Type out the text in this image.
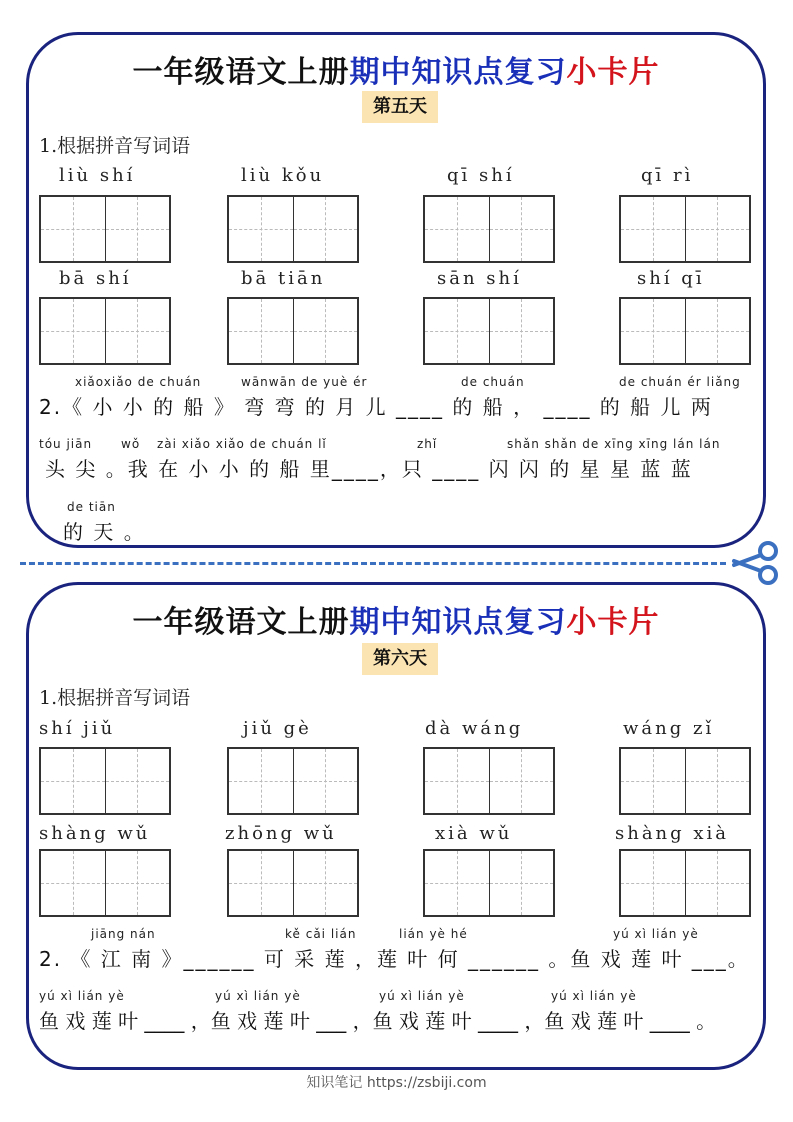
一年级语文上册期中知识点复习小卡片
第五天
1.根据拼音写词语
liù shí	liù kǒu	qī shí	qī rì
bā shí	bā tiān	sān shí	shí qī
xiǎoxiǎo de chuán	wānwān de yuè ér	de chuán	de chuán ér liǎng
2.《 小 小 的 船 》 弯 弯 的 月 儿 ____ 的 船 ， ____ 的 船 儿 两
tóu jiān wǒ zài xiǎo xiǎo de chuán lǐ	zhǐ	shǎn shǎn de xīng xīng lán lán
头 尖 。我 在 小 小 的 船 里____，只 ____ 闪 闪 的 星 星 蓝 蓝
de tiān
的 天 。
一年级语文上册期中知识点复习小卡片
第六天
1.根据拼音写词语
shí jiǔ	jiǔ gè	dà wáng	wáng zǐ
shàng wǔ	zhōng wǔ	xià wǔ	shàng xià
jiāng nán	kě cǎi lián	lián yè hé	yú xì lián yè
2. 《 江 南 》______ 可 采 莲 ，莲 叶 何 ______ 。鱼 戏 莲 叶 ___。
yú xì lián yè	yú xì lián yè	yú xì lián yè	yú xì lián yè
鱼 戏 莲 叶 ____ ，鱼 戏 莲 叶 ___ ，鱼 戏 莲 叶 ____ ，鱼 戏 莲 叶 ____ 。
知识笔记 https://zsbiji.com
